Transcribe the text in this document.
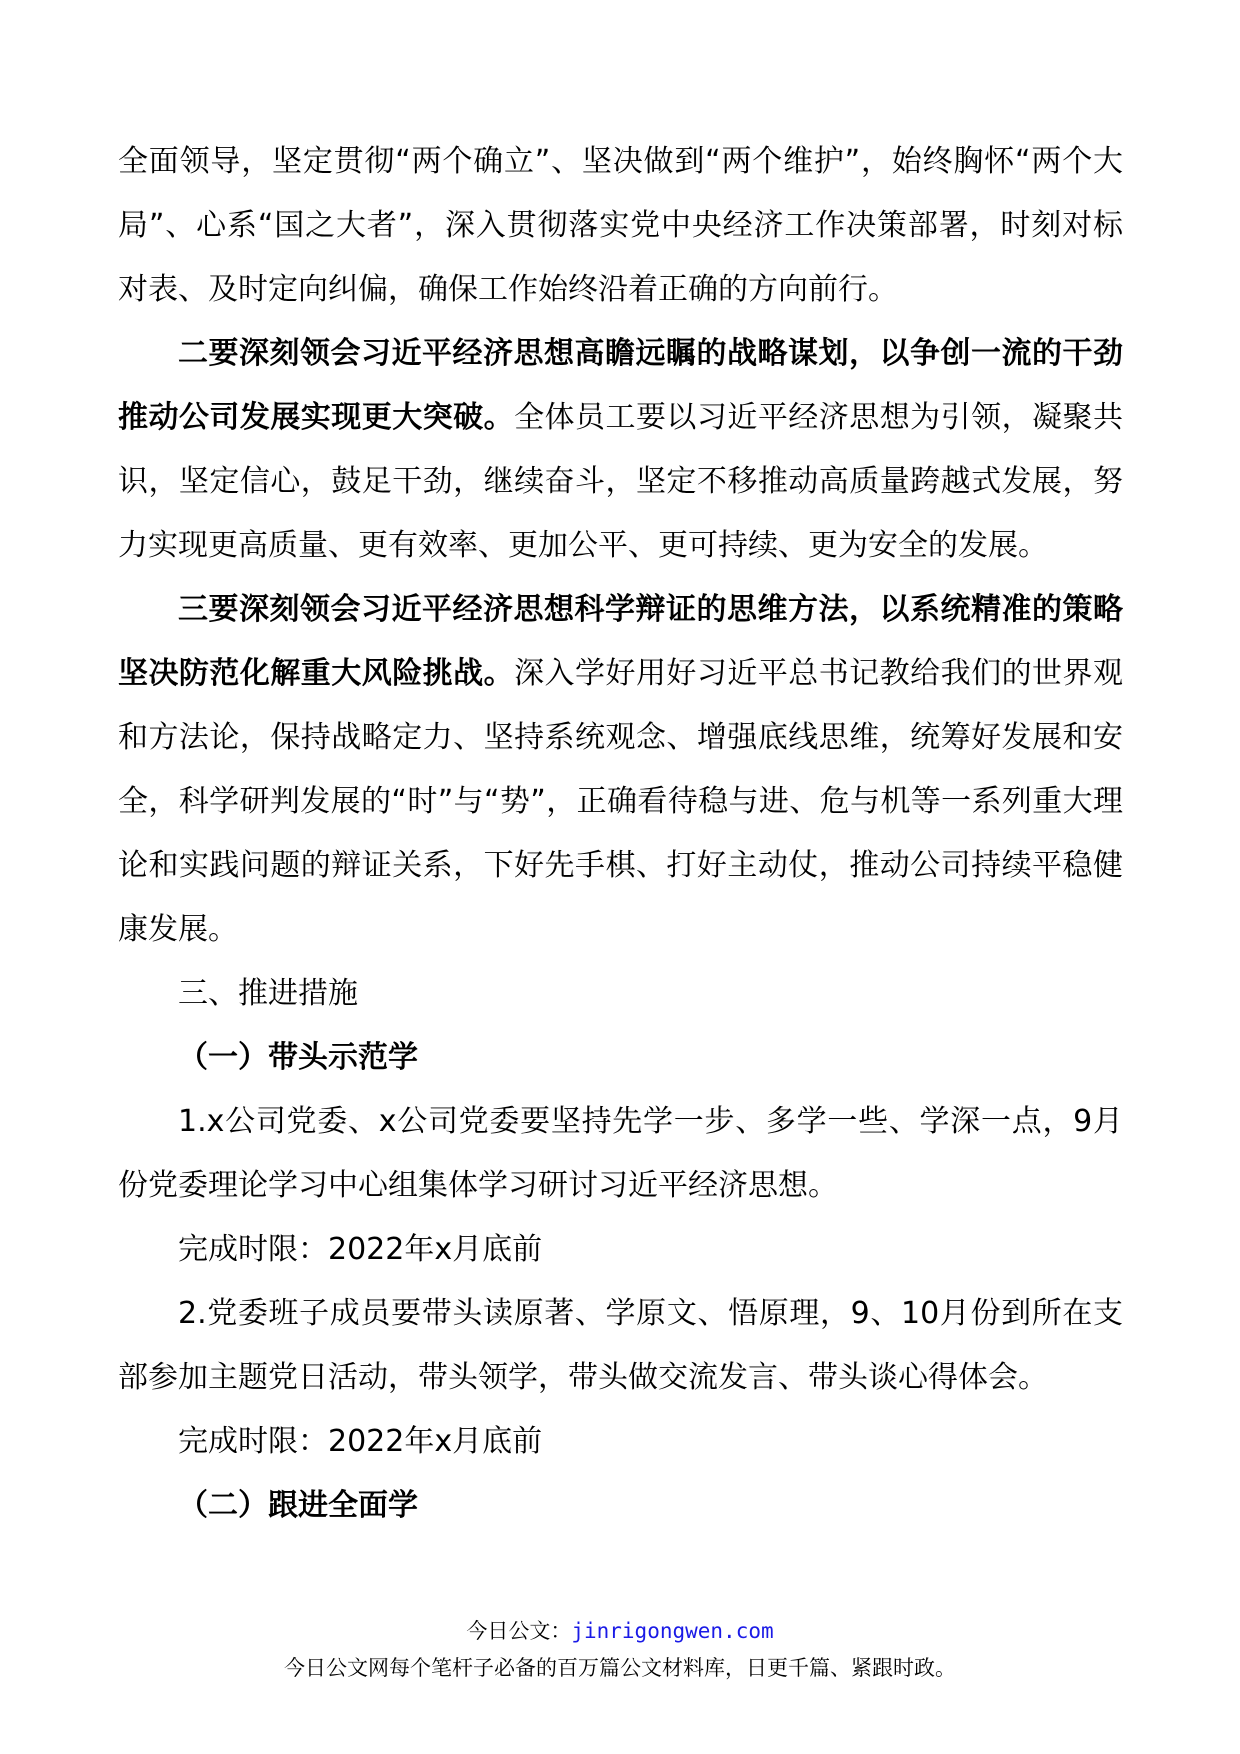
全面领导，坚定贯彻“两个确立”、坚决做到“两个维护”，始终胸怀“两个大局”、心系“国之大者”，深入贯彻落实党中央经济工作决策部署，时刻对标对表、及时定向纠偏，确保工作始终沿着正确的方向前行。

二要深刻领会习近平经济思想高瞻远瞩的战略谋划，以争创一流的干劲推动公司发展实现更大突破。全体员工要以习近平经济思想为引领，凝聚共识，坚定信心，鼓足干劲，继续奋斗，坚定不移推动高质量跨越式发展，努力实现更高质量、更有效率、更加公平、更可持续、更为安全的发展。

三要深刻领会习近平经济思想科学辩证的思维方法，以系统精准的策略坚决防范化解重大风险挑战。深入学好用好习近平总书记教给我们的世界观和方法论，保持战略定力、坚持系统观念、增强底线思维，统筹好发展和安全，科学研判发展的“时”与“势”，正确看待稳与进、危与机等一系列重大理论和实践问题的辩证关系，下好先手棋、打好主动仗，推动公司持续平稳健康发展。

三、推进措施

（一）带头示范学

1.x公司党委、x公司党委要坚持先学一步、多学一些、学深一点，9月份党委理论学习中心组集体学习研讨习近平经济思想。

完成时限：2022年x月底前

2.党委班子成员要带头读原著、学原文、悟原理，9、10月份到所在支部参加主题党日活动，带头领学，带头做交流发言、带头谈心得体会。

完成时限：2022年x月底前

（二）跟进全面学

今日公文：jinrigongwen.com
今日公文网每个笔杆子必备的百万篇公文材料库，日更千篇、紧跟时政。
